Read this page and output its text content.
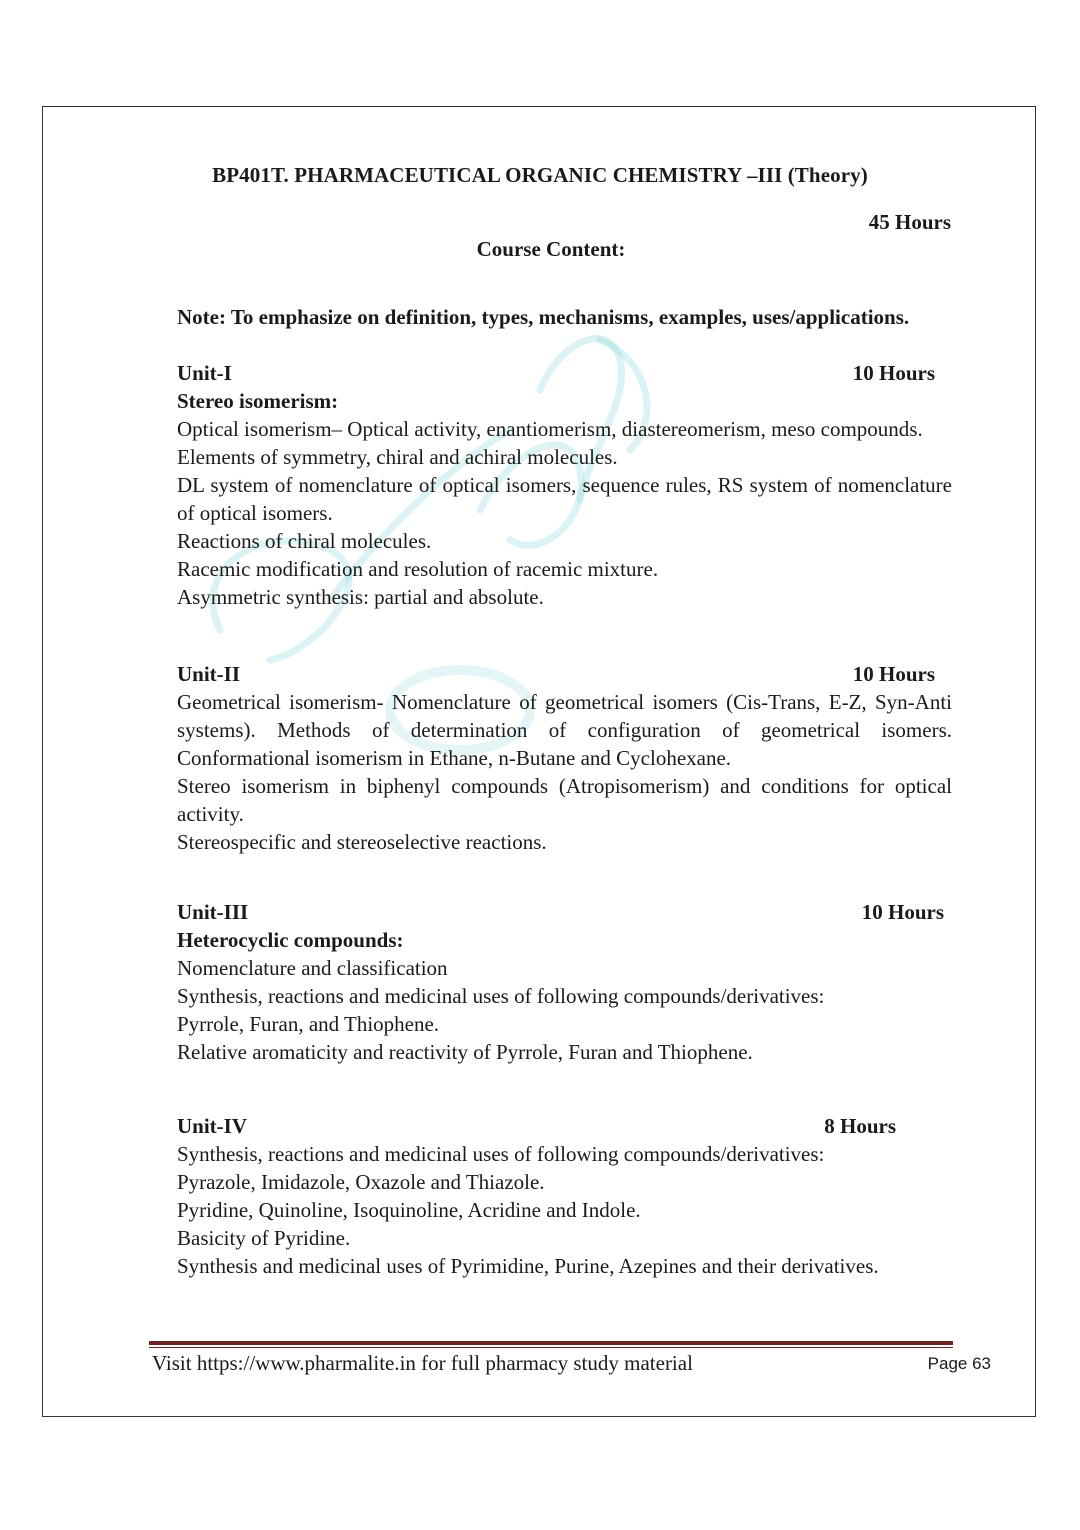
BP401T. PHARMACEUTICAL ORGANIC CHEMISTRY –III (Theory)
45 Hours
Course Content:
Note: To emphasize on definition, types, mechanisms, examples, uses/applications.
Unit-I	10 Hours
Stereo isomerism:
Optical isomerism– Optical activity, enantiomerism, diastereomerism, meso compounds.
Elements of symmetry, chiral and achiral molecules.
DL system of nomenclature of optical isomers, sequence rules, RS system of nomenclature of optical isomers.
Reactions of chiral molecules.
Racemic modification and resolution of racemic mixture.
Asymmetric synthesis: partial and absolute.
Unit-II	10 Hours
Geometrical isomerism- Nomenclature of geometrical isomers (Cis-Trans, E-Z, Syn-Anti systems). Methods of determination of configuration of geometrical isomers. Conformational isomerism in Ethane, n-Butane and Cyclohexane.
Stereo isomerism in biphenyl compounds (Atropisomerism) and conditions for optical activity.
Stereospecific and stereoselective reactions.
Unit-III	10 Hours
Heterocyclic compounds:
Nomenclature and classification
Synthesis, reactions and medicinal uses of following compounds/derivatives:
Pyrrole, Furan, and Thiophene.
Relative aromaticity and reactivity of Pyrrole, Furan and Thiophene.
Unit-IV	8 Hours
Synthesis, reactions and medicinal uses of following compounds/derivatives:
Pyrazole, Imidazole, Oxazole and Thiazole.
Pyridine, Quinoline, Isoquinoline, Acridine and Indole.
Basicity of Pyridine.
Synthesis and medicinal uses of Pyrimidine, Purine, Azepines and their derivatives.
Visit https://www.pharmalite.in for full pharmacy study material	Page 63
